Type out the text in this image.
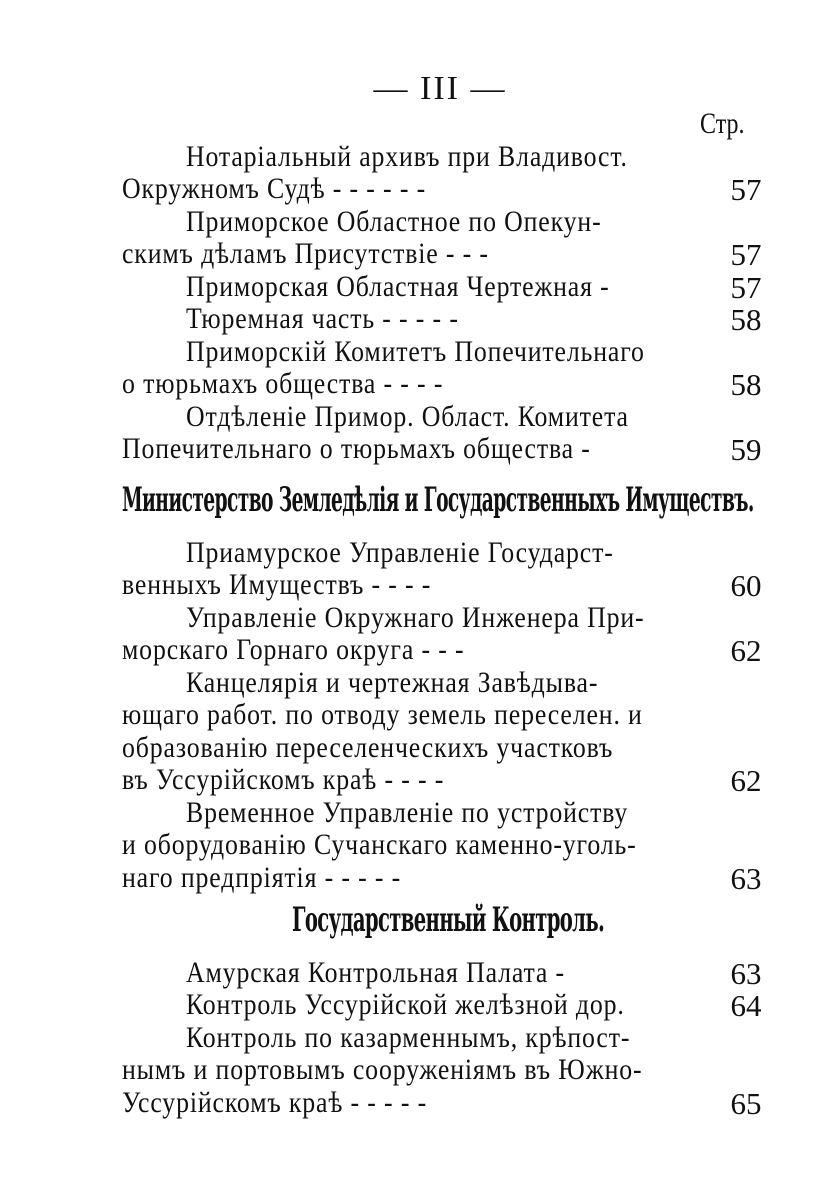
— III —
Стр.
Нотаріальный архивъ при Владивост.
Окружномъ Судѣ - - - - - -	57
Приморское Областное по Опекун-
скимъ дѣламъ Присутствіе - - -	57
Приморская Областная Чертежная -	57
Тюремная часть - - - - -	58
Приморскій Комитетъ Попечительнаго
о тюрьмахъ общества - - - -	58
Отдѣленіе Примор. Област. Комитета
Попечительнаго о тюрьмахъ общества -	59
Министерство Земледѣлія и Государственныхъ Имуществъ.
Приамурское Управленіе Государст-
венныхъ Имуществъ - - - -	60
Управленіе Окружнаго Инженера При-
морскаго Горнаго округа - - -	62
Канцелярія и чертежная Завѣдыва-
ющаго работ. по отводу земель переселен. и
образованію переселенческихъ участковъ
въ Уссурійскомъ краѣ - - - -	62
Временное Управленіе по устройству
и оборудованію Сучанскаго каменно-уголь-
наго предпріятія - - - - -	63
Государственный Контроль.
Амурская Контрольная Палата -	63
Контроль Уссурійской желѣзной дор.	64
Контроль по казарменнымъ, крѣпост-
нымъ и портовымъ сооруженіямъ въ Южно-
Уссурійскомъ краѣ - - - - -	65
